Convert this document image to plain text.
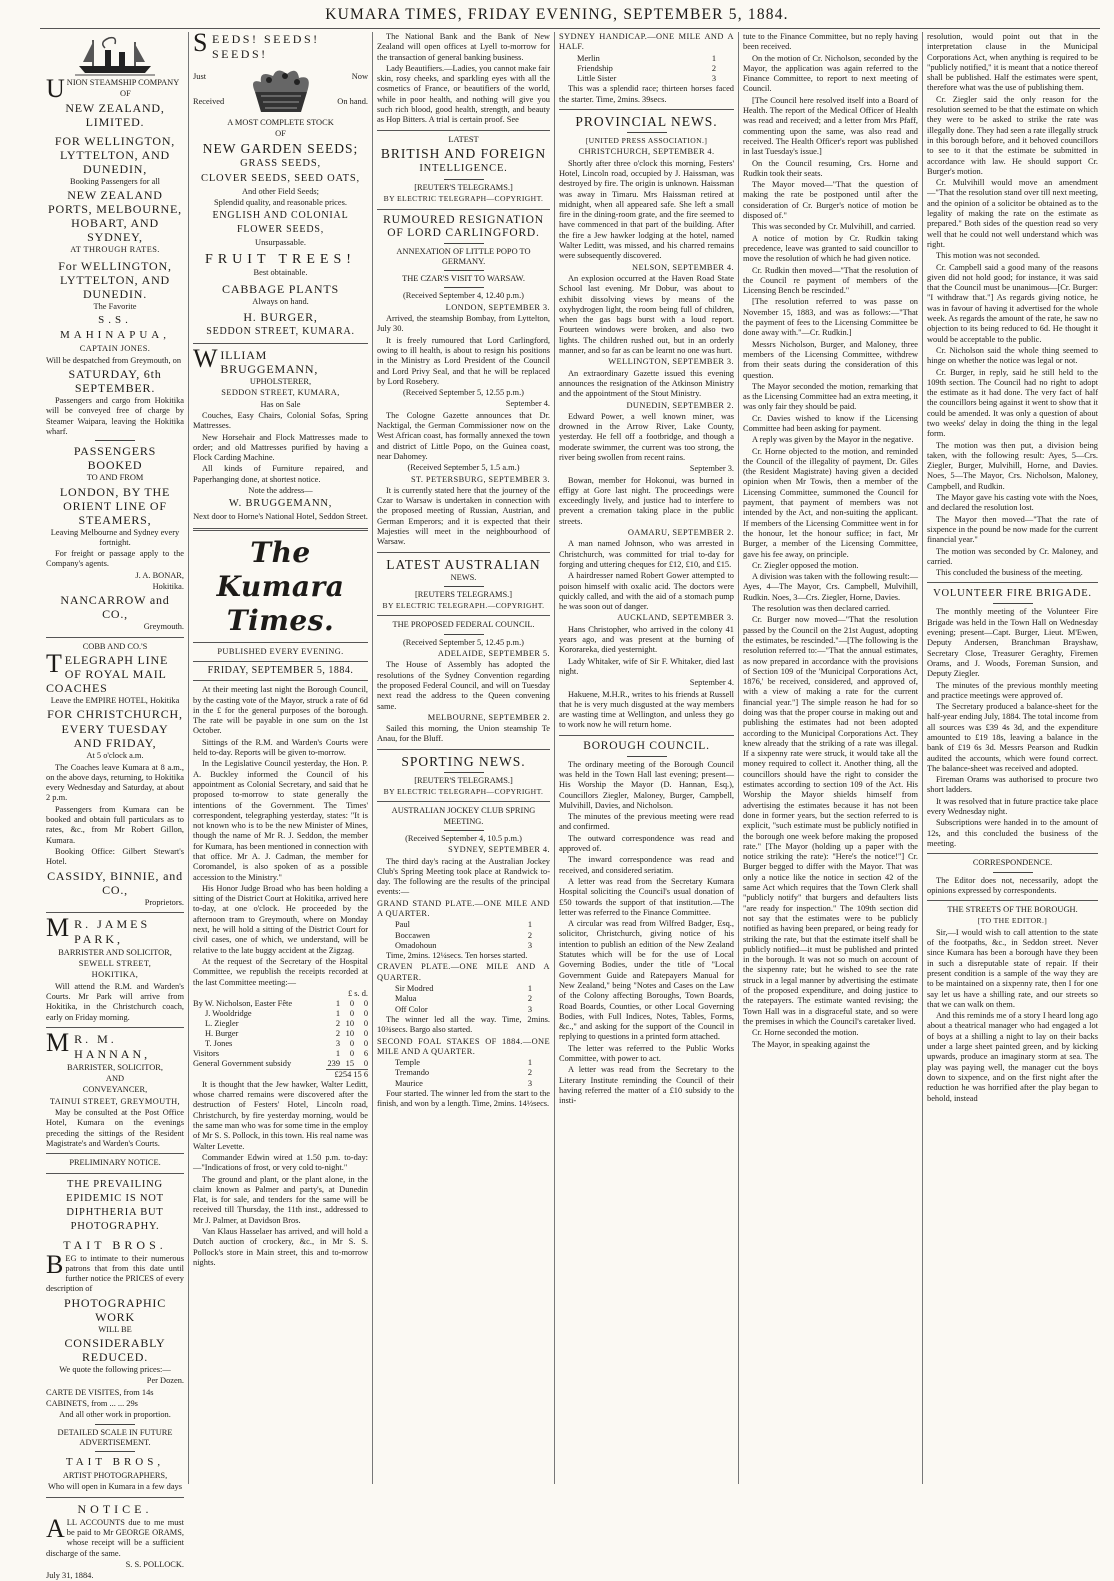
KUMARA TIMES, FRIDAY EVENING, SEPTEMBER 5, 1884.

UNION STEAMSHIP COMPANY

OF

NEW ZEALAND, LIMITED.

FOR WELLINGTON, LYTTELTON, AND DUNEDIN,

Booking Passengers for all

NEW ZEALAND PORTS, MELBOURNE, HOBART, AND SYDNEY,

AT THROUGH RATES.

For WELLINGTON, LYTTELTON, AND DUNEDIN.

The Favorite

S.S. MAHINAPUA,

CAPTAIN JONES.

Will be despatched from Greymouth, on

SATURDAY, 6th SEPTEMBER.

Passengers and cargo from Hokitika will be conveyed free of charge by Steamer Waipara, leaving the Hokitika wharf.

PASSENGERS BOOKED

TO AND FROM

LONDON, BY THE ORIENT LINE OF STEAMERS,

Leaving Melbourne and Sydney every fortnight.

For freight or passage apply to the Company's agents.

J. A. BONAR,

Hokitika.

NANCARROW and CO.,

Greymouth.

COBB AND CO.'S

TELEGRAPH LINE OF ROYAL MAIL COACHES

Leave the EMPIRE HOTEL, Hokitika

FOR CHRISTCHURCH,

EVERY TUESDAY AND FRIDAY,

At 5 o'clock a.m.

The Coaches leave Kumara at 8 a.m., on the above days, returning, to Hokitika every Wednesday and Saturday, at about 2 p.m.

Passengers from Kumara can be booked and obtain full particulars as to rates, &c., from Mr Robert Gillon, Kumara.

Booking Office: Gilbert Stewart's Hotel.

CASSIDY, BINNIE, and CO.,

Proprietors.

M R. JAMES PARK,

BARRISTER AND SOLICITOR,

SEWELL STREET,

HOKITIKA,

Will attend the R.M. and Warden's Courts. Mr Park will arrive from Hokitika, in the Christchurch coach, early on Friday morning.

M R. M. HANNAN,

BARRISTER, SOLICITOR,

AND

CONVEYANCER,

TAINUI STREET, GREYMOUTH,

May be consulted at the Post Office Hotel, Kumara on the evenings preceding the sittings of the Resident Magistrate's and Warden's Courts.

PRELIMINARY NOTICE.

THE PREVAILING EPIDEMIC IS NOT DIPHTHERIA BUT PHOTOGRAPHY.

TAIT BROS.

BEG to intimate to their numerous patrons that from this date until further notice the PRICES of every description of

PHOTOGRAPHIC WORK

WILL BE

CONSIDERABLY REDUCED.

We quote the following prices:—

Per Dozen.

CARTE DE VISITES, from 14s

CABINETS, from ... ... 29s

And all other work in proportion.

DETAILED SCALE IN FUTURE ADVERTISEMENT.

TAIT BROS,

ARTIST PHOTOGRAPHERS,

Who will open in Kumara in a few days

NOTICE.

ALL ACCOUNTS due to me must be paid to Mr GEORGE ORAMS, whose receipt will be a sufficient discharge of the same.

S. S. POLLOCK.

July 31, 1884.

SEEDS! SEEDS! SEEDS!

Just

Received

Now

On hand.

A MOST COMPLETE STOCK

OF

NEW GARDEN SEEDS;

GRASS SEEDS,

CLOVER SEEDS, SEED OATS,

And other Field Seeds;

Splendid quality, and reasonable prices.

ENGLISH AND COLONIAL FLOWER SEEDS,

Unsurpassable.

FRUIT TREES!

Best obtainable.

CABBAGE PLANTS

Always on hand.

H. BURGER,

SEDDON STREET, KUMARA.

WILLIAM BRUGGEMANN,

UPHOLSTERER,

SEDDON STREET, KUMARA,

Has on Sale

Couches, Easy Chairs, Colonial Sofas, Spring Mattresses.

New Horsehair and Flock Mattresses made to order; and old Mattresses purified by having a Flock Carding Machine.

All kinds of Furniture repaired, and Paperhanging done, at shortest notice.

Note the address—

W. BRUGGEMANN,

Next door to Horne's National Hotel, Seddon Street.

The Kumara Times.

PUBLISHED EVERY EVENING.

FRIDAY, SEPTEMBER 5, 1884.

At their meeting last night the Borough Council, by the casting vote of the Mayor, struck a rate of 6d in the £ for the general purposes of the borough. The rate will be payable in one sum on the 1st October.

Sittings of the R.M. and Warden's Courts were held to-day. Reports will be given to-morrow.

In the Legislative Council yesterday, the Hon. P. A. Buckley informed the Council of his appointment as Colonial Secretary, and said that he proposed to-morrow to state generally the intentions of the Government. The Times' correspondent, telegraphing yesterday, states: "It is not known who is to be the new Minister of Mines, though the name of Mr R. J. Seddon, the member for Kumara, has been mentioned in connection with that office. Mr A. J. Cadman, the member for Coromandel, is also spoken of as a possible accession to the Ministry."

His Honor Judge Broad who has been holding a sitting of the District Court at Hokitika, arrived here to-day, at one o'clock. He proceeded by the afternoon tram to Greymouth, where on Monday next, he will hold a sitting of the District Court for civil cases, one of which, we understand, will be relative to the late buggy accident at the Zigzag.

At the request of the Secretary of the Hospital Committee, we republish the receipts recorded at the last Committee meeting:—

	£ s. d.		
By W. Nicholson, Easter Fête	1	0	0
J. Wooldridge	1	0	0
L. Ziegler	2	10	0
H. Burger	2	10	0
T. Jones	3	0	0
Visitors	1	0	6
General Government subsidy	239	15	0
	£254 15 6		

It is thought that the Jew hawker, Walter Leditt, whose charred remains were discovered after the destruction of Festers' Hotel, Lincoln road, Christchurch, by fire yesterday morning, would be the same man who was for some time in the employ of Mr S. S. Pollock, in this town. His real name was Walter Levette.

Commander Edwin wired at 1.50 p.m. to-day:—"Indications of frost, or very cold to-night."

The ground and plant, or the plant alone, in the claim known as Palmer and party's, at Dunedin Flat, is for sale, and tenders for the same will be received till Thursday, the 11th inst., addressed to Mr J. Palmer, at Davidson Bros.

Van Klaus Hasselaer has arrived, and will hold a Dutch auction of crockery, &c., in Mr S. S. Pollock's store in Main street, this and to-morrow nights.

The National Bank and the Bank of New Zealand will open offices at Lyell to-morrow for the transaction of general banking business.

Lady Beautifiers.—Ladies, you cannot make fair skin, rosy cheeks, and sparkling eyes with all the cosmetics of France, or beautifiers of the world, while in poor health, and nothing will give you such rich blood, good health, strength, and beauty as Hop Bitters. A trial is certain proof. See

LATEST

BRITISH AND FOREIGN

INTELLIGENCE.

[REUTER'S TELEGRAMS.]

BY ELECTRIC TELEGRAPH—COPYRIGHT.

RUMOURED RESIGNATION OF LORD CARLINGFORD.

ANNEXATION OF LITTLE POPO TO GERMANY.

THE CZAR'S VISIT TO WARSAW.

(Received September 4, 12.40 p.m.)

LONDON, SEPTEMBER 3.

Arrived, the steamship Bombay, from Lyttelton, July 30.

It is freely rumoured that Lord Carlingford, owing to ill health, is about to resign his positions in the Ministry as Lord President of the Council and Lord Privy Seal, and that he will be replaced by Lord Rosebery.

(Received September 5, 12.55 p.m.)

September 4.

The Cologne Gazette announces that Dr. Nacktigal, the German Commissioner now on the West African coast, has formally annexed the town and district of Little Popo, on the Guinea coast, near Dahomey.

(Received September 5, 1.5 a.m.)

ST. PETERSBURG, SEPTEMBER 3.

It is currently stated here that the journey of the Czar to Warsaw is undertaken in connection with the proposed meeting of Russian, Austrian, and German Emperors; and it is expected that their Majesties will meet in the neighbourhood of Warsaw.

LATEST AUSTRALIAN

NEWS.

[REUTERS TELEGRAMS.]

BY ELECTRIC TELEGRAPH.—COPYRIGHT.

THE PROPOSED FEDERAL COUNCIL.

(Received September 5, 12.45 p.m.)

ADELAIDE, SEPTEMBER 5.

The House of Assembly has adopted the resolutions of the Sydney Convention regarding the proposed Federal Council, and will on Tuesday next read the address to the Queen convening same.

MELBOURNE, SEPTEMBER 2.

Sailed this morning, the Union steamship Te Anau, for the Bluff.

SPORTING NEWS.

[REUTER'S TELEGRAMS.]

BY ELECTRIC TELEGRAPH—COPYRIGHT.

AUSTRALIAN JOCKEY CLUB SPRING MEETING.

(Received September 4, 10.5 p.m.)

SYDNEY, SEPTEMBER 4.

The third day's racing at the Australian Jockey Club's Spring Meeting took place at Randwick to-day. The following are the results of the principal events:—

GRAND STAND PLATE.—ONE MILE AND A QUARTER.

Paul	1
Boccawen	2
Omadohoun	3

Time, 2mins. 12¼secs. Ten horses started.

CRAVEN PLATE.—ONE MILE AND A QUARTER.

Sir Modred	1
Malua	2
Off Color	3

The winner led all the way. Time, 2mins. 10¾secs. Bargo also started.

SECOND FOAL STAKES OF 1884.—ONE MILE AND A QUARTER.

Temple	1
Tremando	2
Maurice	3

Four started. The winner led from the start to the finish, and won by a length. Time, 2mins. 14½secs.

SYDNEY HANDICAP.—ONE MILE AND A HALF.

Merlin	1
Friendship	2
Little Sister	3

This was a splendid race; thirteen horses faced the starter. Time, 2mins. 39secs.

PROVINCIAL NEWS.

[UNITED PRESS ASSOCIATION.]

CHRISTCHURCH, SEPTEMBER 4.

Shortly after three o'clock this morning, Festers' Hotel, Lincoln road, occupied by J. Haissman, was destroyed by fire. The origin is unknown. Haissman was away in Timaru. Mrs Haissman retired at midnight, when all appeared safe. She left a small fire in the dining-room grate, and the fire seemed to have commenced in that part of the building. After the fire a Jew hawker lodging at the hotel, named Walter Leditt, was missed, and his charred remains were subsequently discovered.

NELSON, SEPTEMBER 4.

An explosion occurred at the Haven Road State School last evening. Mr Dobur, was about to exhibit dissolving views by means of the oxyhydrogen light, the room being full of children, when the gas bags burst with a loud report. Fourteen windows were broken, and also two lights. The children rushed out, but in an orderly manner, and so far as can be learnt no one was hurt.

WELLINGTON, SEPTEMBER 3.

An extraordinary Gazette issued this evening announces the resignation of the Atkinson Ministry and the appointment of the Stout Ministry.

DUNEDIN, SEPTEMBER 2.

Edward Power, a well known miner, was drowned in the Arrow River, Lake County, yesterday. He fell off a footbridge, and though a moderate swimmer, the current was too strong, the river being swollen from recent rains.

September 3.

Bowan, member for Hokonui, was burned in effigy at Gore last night. The proceedings were exceedingly lively, and justice had to interfere to prevent a cremation taking place in the public streets.

OAMARU, SEPTEMBER 2.

A man named Johnson, who was arrested in Christchurch, was committed for trial to-day for forging and uttering cheques for £12, £10, and £15.

A hairdresser named Robert Gower attempted to poison himself with oxalic acid. The doctors were quickly called, and with the aid of a stomach pump he was soon out of danger.

AUCKLAND, SEPTEMBER 3.

Hans Christopher, who arrived in the colony 41 years ago, and was present at the burning of Kororareka, died yesternight.

Lady Whitaker, wife of Sir F. Whitaker, died last night.

September 4.

Hakuene, M.H.R., writes to his friends at Russell that he is very much disgusted at the way members are wasting time at Wellington, and unless they go to work now he will return home.

BOROUGH COUNCIL.

The ordinary meeting of the Borough Council was held in the Town Hall last evening; present—His Worship the Mayor (D. Hannan, Esq.), Councillors Ziegler, Maloney, Burger, Campbell, Mulvihill, Davies, and Nicholson.

The minutes of the previous meeting were read and confirmed.

The outward correspondence was read and approved of.

The inward correspondence was read and received, and considered seriatim.

A letter was read from the Secretary Kumara Hospital soliciting the Council's usual donation of £50 towards the support of that institution.—The letter was referred to the Finance Committee.

A circular was read from Wilfred Badger, Esq., solicitor, Christchurch, giving notice of his intention to publish an edition of the New Zealand Statutes which will be for the use of Local Governing Bodies, under the title of "Local Government Guide and Ratepayers Manual for New Zealand," being "Notes and Cases on the Law of the Colony affecting Boroughs, Town Boards, Road Boards, Counties, or other Local Governing Bodies, with Full Indices, Notes, Tables, Forms, &c.," and asking for the support of the Council in replying to questions in a printed form attached.

The letter was referred to the Public Works Committee, with power to act.

A letter was read from the Secretary to the Literary Institute reminding the Council of their having referred the matter of a £10 subsidy to the insti-

tute to the Finance Committee, but no reply having been received.

On the motion of Cr. Nicholson, seconded by the Mayor, the application was again referred to the Finance Committee, to report to next meeting of Council.

[The Council here resolved itself into a Board of Health. The report of the Medical Officer of Health was read and received; and a letter from Mrs Pfaff, commenting upon the same, was also read and received. The Health Officer's report was published in last Tuesday's issue.]

On the Council resuming, Crs. Horne and Rudkin took their seats.

The Mayor moved—"That the question of making the rate be postponed until after the consideration of Cr. Burger's notice of motion be disposed of."

This was seconded by Cr. Mulvihill, and carried.

A notice of motion by Cr. Rudkin taking precedence, leave was granted to said councillor to move the resolution of which he had given notice.

Cr. Rudkin then moved—"That the resolution of the Council re payment of members of the Licensing Bench be rescinded."

[The resolution referred to was passe on November 15, 1883, and was as follows:—"That the payment of fees to the Licensing Committee be done away with."—Cr. Rudkin.]

Messrs Nicholson, Burger, and Maloney, three members of the Licensing Committee, withdrew from their seats during the consideration of this question.

The Mayor seconded the motion, remarking that as the Licensing Committee had an extra meeting, it was only fair they should be paid.

Cr. Davies wished to know if the Licensing Committee had been asking for payment.

A reply was given by the Mayor in the negative.

Cr. Horne objected to the motion, and reminded the Council of the illegality of payment, Dr. Giles (the Resident Magistrate) having given a decided opinion when Mr Towis, then a member of the Licensing Committee, summoned the Council for payment, that payment of members was not intended by the Act, and non-suiting the applicant. If members of the Licensing Committee went in for the honour, let the honour suffice; in fact, Mr Burger, a member of the Licensing Committee, gave his fee away, on principle.

Cr. Ziegler opposed the motion.

A division was taken with the following result:—Ayes, 4—The Mayor, Crs. Campbell, Mulvihill, Rudkin. Noes, 3—Crs. Ziegler, Horne, Davies.

The resolution was then declared carried.

Cr. Burger now moved—"That the resolution passed by the Council on the 21st August, adopting the estimates, be rescinded."—[The following is the resolution referred to:—"That the annual estimates, as now prepared in accordance with the provisions of Section 109 of the 'Municipal Corporations Act, 1876,' be received, considered, and approved of, with a view of making a rate for the current financial year."] The simple reason he had for so doing was that the proper course in making out and publishing the estimates had not been adopted according to the Municipal Corporations Act. They knew already that the striking of a rate was illegal. If a sixpenny rate were struck, it would take all the money required to collect it. Another thing, all the councillors should have the right to consider the estimates according to section 109 of the Act. His Worship the Mayor shields himself from advertising the estimates because it has not been done in former years, but the section referred to is explicit, "such estimate must be publicly notified in the borough one week before making the proposed rate." [The Mayor (holding up a paper with the notice striking the rate): "Here's the notice!"] Cr. Burger begged to differ with the Mayor. That was only a notice like the notice in section 42 of the same Act which requires that the Town Clerk shall "publicly notify" that burgers and defaulters lists "are ready for inspection." The 109th section did not say that the estimates were to be publicly notified as having been prepared, or being ready for striking the rate, but that the estimate itself shall be publicly notified—it must be published and printed in the borough. It was not so much on account of the sixpenny rate; but he wished to see the rate struck in a legal manner by advertising the estimate of the proposed expenditure, and doing justice to the ratepayers. The estimate wanted revising; the Town Hall was in a disgraceful state, and so were the premises in which the Council's caretaker lived.

Cr. Horne seconded the motion.

The Mayor, in speaking against the

resolution, would point out that in the interpretation clause in the Municipal Corporations Act, when anything is required to be "publicly notified," it is meant that a notice thereof shall be published. Half the estimates were spent, therefore what was the use of publishing them.

Cr. Ziegler said the only reason for the resolution seemed to be that the estimate on which they were to be asked to strike the rate was illegally done. They had seen a rate illegally struck in this borough before, and it behoved councillors to see to it that the estimate be submitted in accordance with law. He should support Cr. Burger's motion.

Cr. Mulvihill would move an amendment—"That the resolution stand over till next meeting, and the opinion of a solicitor be obtained as to the legality of making the rate on the estimate as prepared." Both sides of the question read so very well that he could not well understand which was right.

This motion was not seconded.

Cr. Campbell said a good many of the reasons given did not hold good; for instance, it was said that the Council must be unanimous—[Cr. Burger: "I withdraw that."] As regards giving notice, he was in favour of having it advertised for the whole week. As regards the amount of the rate, he saw no objection to its being reduced to 6d. He thought it would be acceptable to the public.

Cr. Nicholson said the whole thing seemed to hinge on whether the notice was legal or not.

Cr. Burger, in reply, said he still held to the 109th section. The Council had no right to adopt the estimate as it had done. The very fact of half the councillors being against it went to show that it could be amended. It was only a question of about two weeks' delay in doing the thing in the legal form.

The motion was then put, a division being taken, with the following result: Ayes, 5—Crs. Ziegler, Burger, Mulvihill, Horne, and Davies. Noes, 5—The Mayor, Crs. Nicholson, Maloney, Campbell, and Rudkin.

The Mayor gave his casting vote with the Noes, and declared the resolution lost.

The Mayor then moved—"That the rate of sixpence in the pound be now made for the current financial year."

The motion was seconded by Cr. Maloney, and carried.

This concluded the business of the meeting.

VOLUNTEER FIRE BRIGADE.

The monthly meeting of the Volunteer Fire Brigade was held in the Town Hall on Wednesday evening; present—Capt. Burger, Lieut. M'Ewen, Deputy Andersen, Branchman Brayshaw, Secretary Close, Treasurer Geraghty, Firemen Orams, and J. Woods, Foreman Sunsion, and Deputy Ziegler.

The minutes of the previous monthly meeting and practice meetings were approved of.

The Secretary produced a balance-sheet for the half-year ending July, 1884. The total income from all sources was £39 4s 3d, and the expenditure amounted to £19 18s, leaving a balance in the bank of £19 6s 3d. Messrs Pearson and Rudkin audited the accounts, which were found correct. The balance-sheet was received and adopted.

Fireman Orams was authorised to procure two short ladders.

It was resolved that in future practice take place every Wednesday night.

Subscriptions were handed in to the amount of 12s, and this concluded the business of the meeting.

CORRESPONDENCE.

The Editor does not, necessarily, adopt the opinions expressed by correspondents.

THE STREETS OF THE BOROUGH.

[TO THE EDITOR.]

Sir,—I would wish to call attention to the state of the footpaths, &c., in Seddon street. Never since Kumara has been a borough have they been in such a disreputable state of repair. If their present condition is a sample of the way they are to be maintained on a sixpenny rate, then I for one say let us have a shilling rate, and our streets so that we can walk on them.

And this reminds me of a story I heard long ago about a theatrical manager who had engaged a lot of boys at a shilling a night to lay on their backs under a large sheet painted green, and by kicking upwards, produce an imaginary storm at sea. The play was paying well, the manager cut the boys down to sixpence, and on the first night after the reduction he was horrified after the play began to behold, instead
